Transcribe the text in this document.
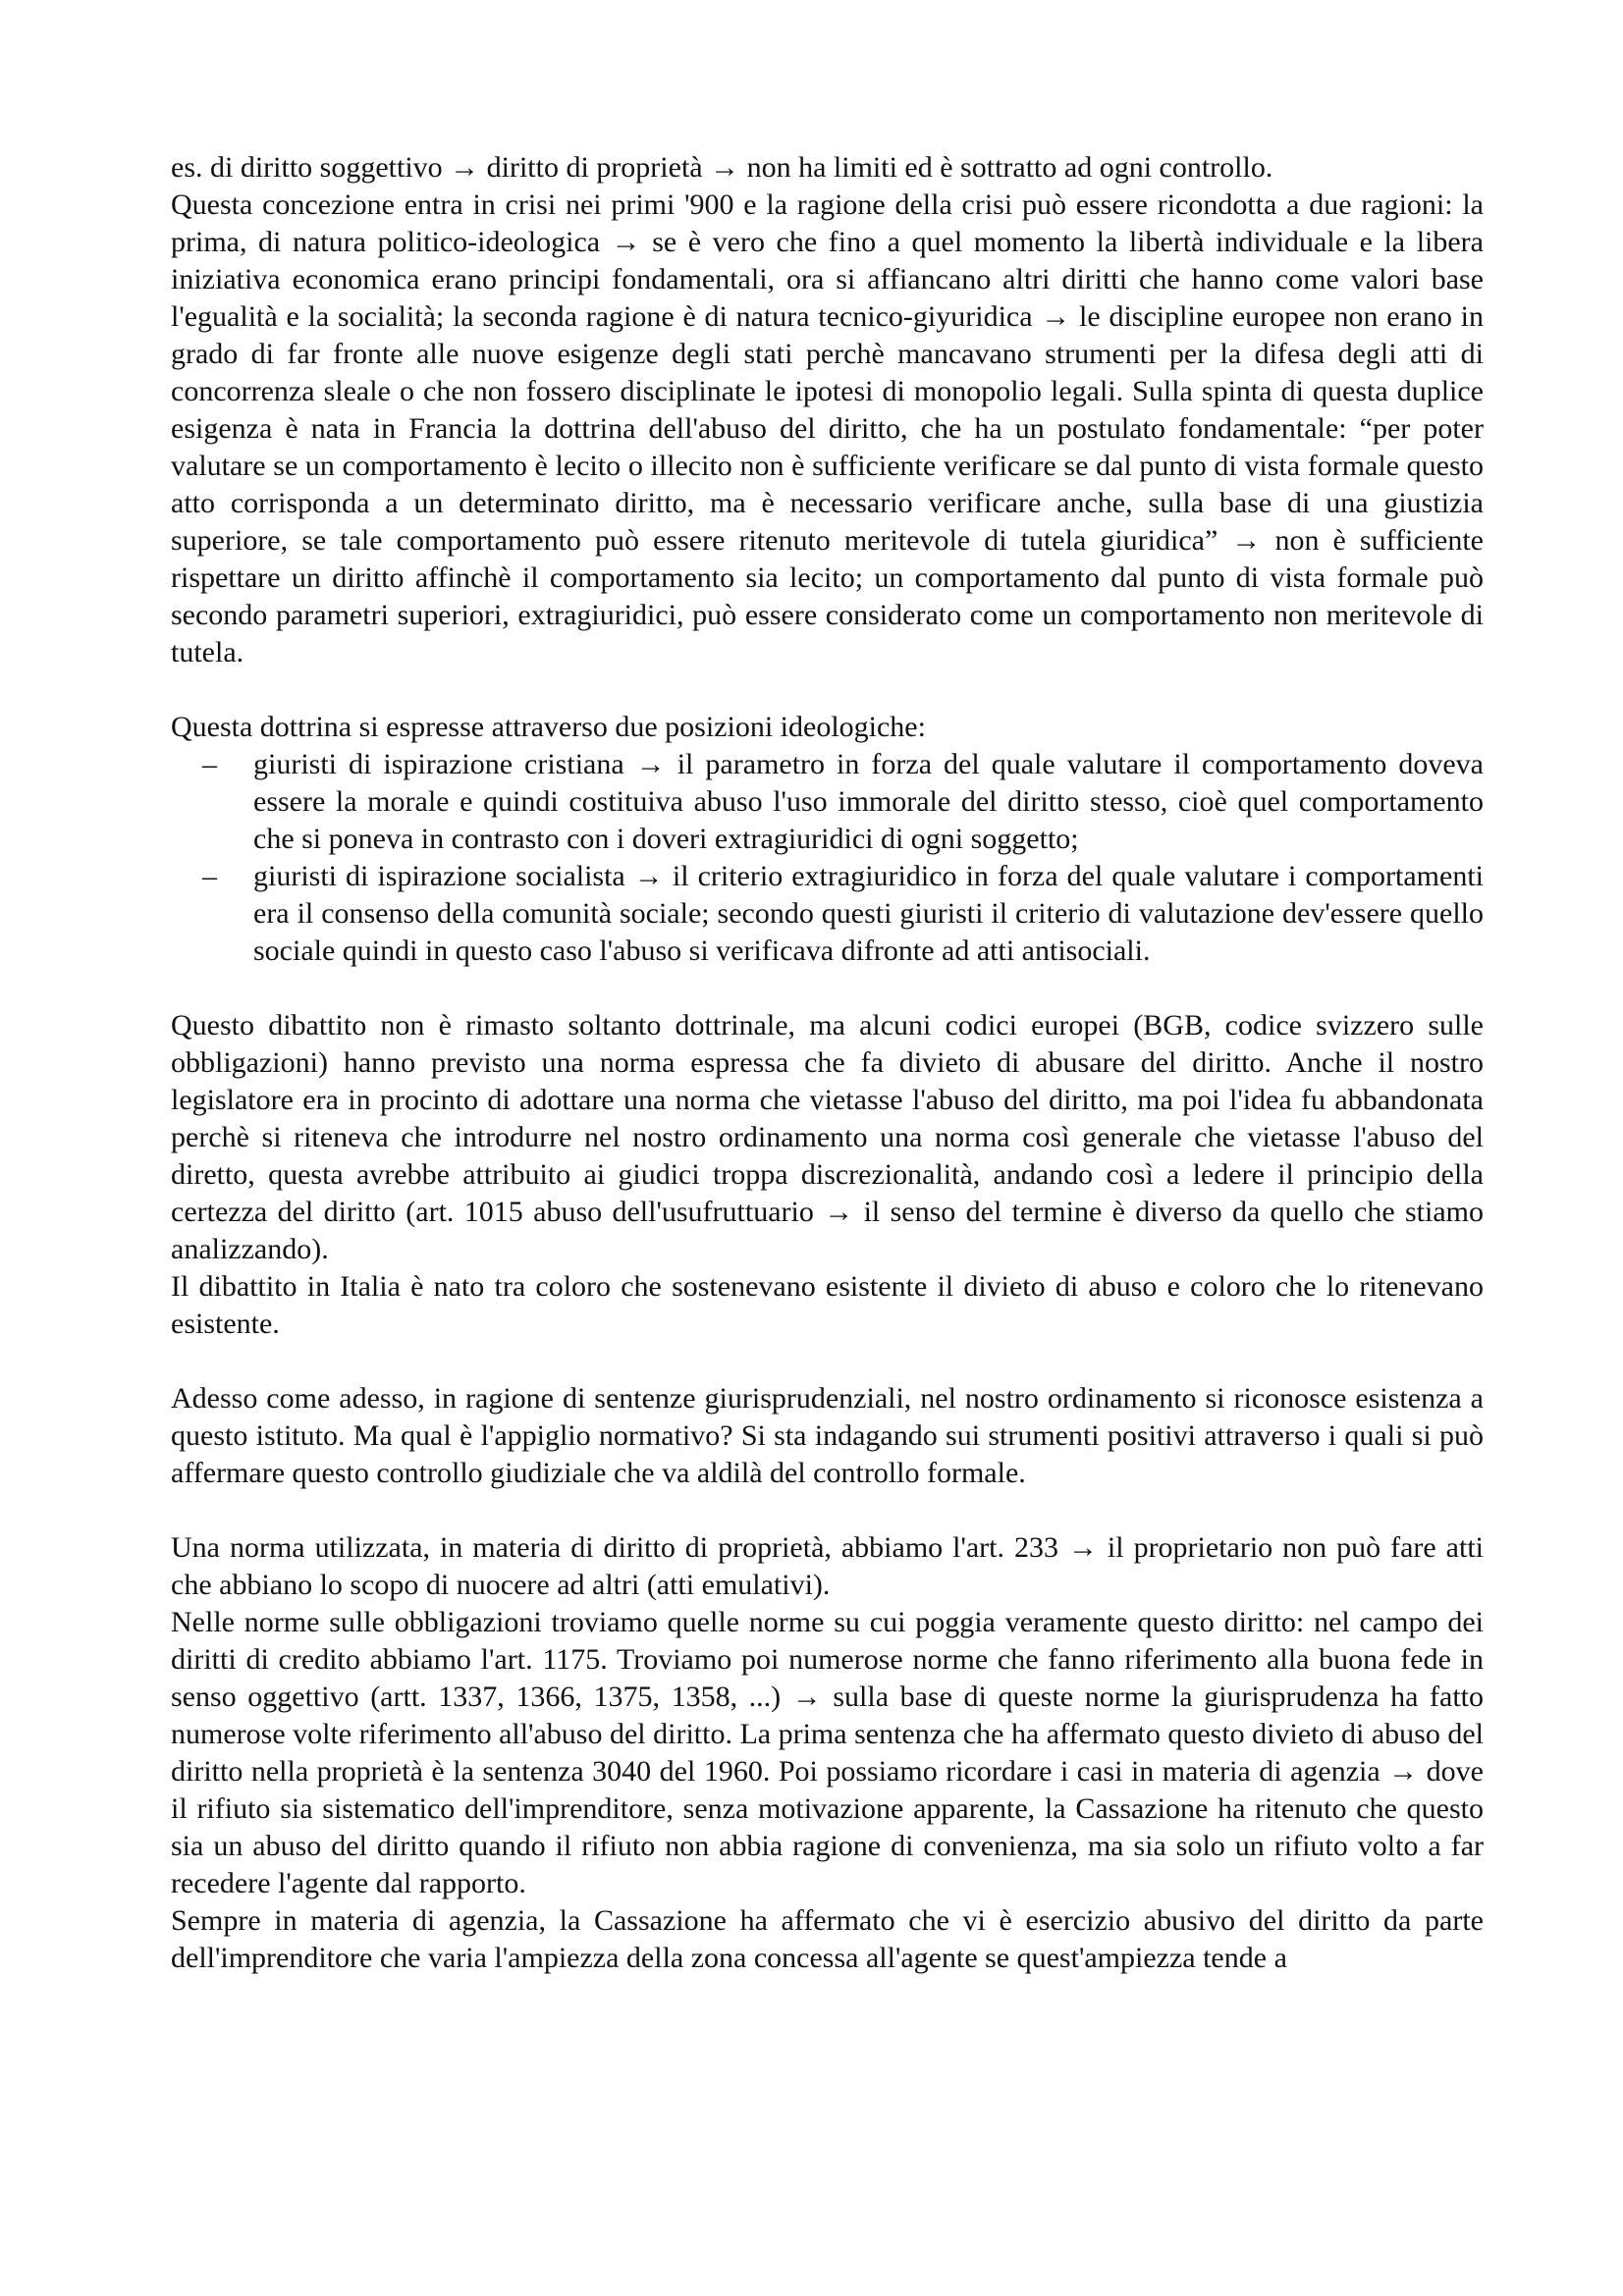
es. di diritto soggettivo → diritto di proprietà → non ha limiti ed è sottratto ad ogni controllo.

Questa concezione entra in crisi nei primi '900 e la ragione della crisi può essere ricondotta a due ragioni: la prima, di natura politico-ideologica → se è vero che fino a quel momento la libertà individuale e la libera iniziativa economica erano principi fondamentali, ora si affiancano altri diritti che hanno come valori base l'egualità e la socialità; la seconda ragione è di natura tecnico-giyuridica → le discipline europee non erano in grado di far fronte alle nuove esigenze degli stati perchè mancavano strumenti per la difesa degli atti di concorrenza sleale o che non fossero disciplinate le ipotesi di monopolio legali. Sulla spinta di questa duplice esigenza è nata in Francia la dottrina dell'abuso del diritto, che ha un postulato fondamentale: “per poter valutare se un comportamento è lecito o illecito non è sufficiente verificare se dal punto di vista formale questo atto corrisponda a un determinato diritto, ma è necessario verificare anche, sulla base di una giustizia superiore, se tale comportamento può essere ritenuto meritevole di tutela giuridica” → non è sufficiente rispettare un diritto affinchè il comportamento sia lecito; un comportamento dal punto di vista formale può secondo parametri superiori, extragiuridici, può essere considerato come un comportamento non meritevole di tutela.

Questa dottrina si espresse attraverso due posizioni ideologiche:

– giuristi di ispirazione cristiana → il parametro in forza del quale valutare il comportamento doveva essere la morale e quindi costituiva abuso l'uso immorale del diritto stesso, cioè quel comportamento che si poneva in contrasto con i doveri extragiuridici di ogni soggetto;
– giuristi di ispirazione socialista → il criterio extragiuridico in forza del quale valutare i comportamenti era il consenso della comunità sociale; secondo questi giuristi il criterio di valutazione dev'essere quello sociale quindi in questo caso l'abuso si verificava difronte ad atti antisociali.

Questo dibattito non è rimasto soltanto dottrinale, ma alcuni codici europei (BGB, codice svizzero sulle obbligazioni) hanno previsto una norma espressa che fa divieto di abusare del diritto. Anche il nostro legislatore era in procinto di adottare una norma che vietasse l'abuso del diritto, ma poi l'idea fu abbandonata perchè si riteneva che introdurre nel nostro ordinamento una norma così generale che vietasse l'abuso del diretto, questa avrebbe attribuito ai giudici troppa discrezionalità, andando così a ledere il principio della certezza del diritto (art. 1015 abuso dell'usufruttuario → il senso del termine è diverso da quello che stiamo analizzando).

Il dibattito in Italia è nato tra coloro che sostenevano esistente il divieto di abuso e coloro che lo ritenevano esistente.

Adesso come adesso, in ragione di sentenze giurisprudenziali, nel nostro ordinamento si riconosce esistenza a questo istituto. Ma qual è l'appiglio normativo? Si sta indagando sui strumenti positivi attraverso i quali si può affermare questo controllo giudiziale che va aldilà del controllo formale.

Una norma utilizzata, in materia di diritto di proprietà, abbiamo l'art. 233 → il proprietario non può fare atti che abbiano lo scopo di nuocere ad altri (atti emulativi).

Nelle norme sulle obbligazioni troviamo quelle norme su cui poggia veramente questo diritto: nel campo dei diritti di credito abbiamo l'art. 1175. Troviamo poi numerose norme che fanno riferimento alla buona fede in senso oggettivo (artt. 1337, 1366, 1375, 1358, ...) → sulla base di queste norme la giurisprudenza ha fatto numerose volte riferimento all'abuso del diritto. La prima sentenza che ha affermato questo divieto di abuso del diritto nella proprietà è la sentenza 3040 del 1960. Poi possiamo ricordare i casi in materia di agenzia → dove il rifiuto sia sistematico dell'imprenditore, senza motivazione apparente, la Cassazione ha ritenuto che questo sia un abuso del diritto quando il rifiuto non abbia ragione di convenienza, ma sia solo un rifiuto volto a far recedere l'agente dal rapporto.

Sempre in materia di agenzia, la Cassazione ha affermato che vi è esercizio abusivo del diritto da parte dell'imprenditore che varia l'ampiezza della zona concessa all'agente se quest'ampiezza tende a
